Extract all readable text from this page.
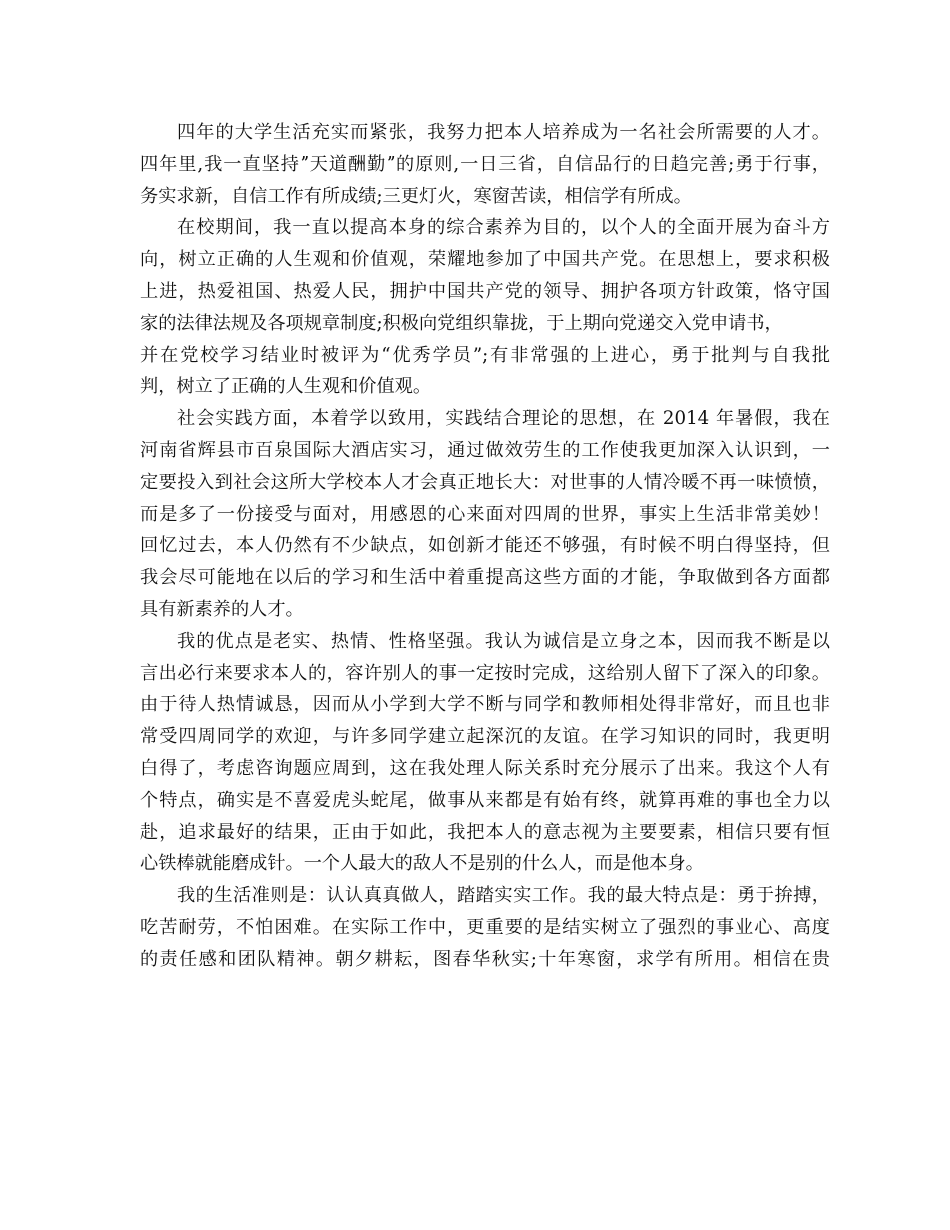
四年的大学生活充实而紧张，我努力把本人培养成为一名社会所需要的人才。
四年里,我一直坚持ˮ天道酬勤ˮ的原则,一日三省，自信品行的日趋完善;勇于行事，
务实求新，自信工作有所成绩;三更灯火，寒窗苦读，相信学有所成。
在校期间，我一直以提高本身的综合素养为目的，以个人的全面开展为奋斗方
向，树立正确的人生观和价值观，荣耀地参加了中国共产党。在思想上，要求积极
上进，热爱祖国、热爱人民，拥护中国共产党的领导、拥护各项方针政策，恪守国
家的法律法规及各项规章制度;积极向党组织靠拢，于上期向党递交入党申请书，
并在党校学习结业时被评为“优秀学员”;有非常强的上进心，勇于批判与自我批
判，树立了正确的人生观和价值观。
社会实践方面，本着学以致用，实践结合理论的思想，在 2014 年暑假，我在
河南省辉县市百泉国际大酒店实习，通过做效劳生的工作使我更加深入认识到，一
定要投入到社会这所大学校本人才会真正地长大：对世事的人情冷暖不再一味愤愤，
而是多了一份接受与面对，用感恩的心来面对四周的世界，事实上生活非常美妙！
回忆过去，本人仍然有不少缺点，如创新才能还不够强，有时候不明白得坚持，但
我会尽可能地在以后的学习和生活中着重提高这些方面的才能，争取做到各方面都
具有新素养的人才。
我的优点是老实、热情、性格坚强。我认为诚信是立身之本，因而我不断是以
言出必行来要求本人的，容许别人的事一定按时完成，这给别人留下了深入的印象。
由于待人热情诚恳，因而从小学到大学不断与同学和教师相处得非常好，而且也非
常受四周同学的欢迎，与许多同学建立起深沉的友谊。在学习知识的同时，我更明
白得了，考虑咨询题应周到，这在我处理人际关系时充分展示了出来。我这个人有
个特点，确实是不喜爱虎头蛇尾，做事从来都是有始有终，就算再难的事也全力以
赴，追求最好的结果，正由于如此，我把本人的意志视为主要要素，相信只要有恒
心铁棒就能磨成针。一个人最大的敌人不是别的什么人，而是他本身。
我的生活准则是：认认真真做人，踏踏实实工作。我的最大特点是：勇于拚搏，
吃苦耐劳，不怕困难。在实际工作中，更重要的是结实树立了强烈的事业心、高度
的责任感和团队精神。朝夕耕耘，图春华秋实;十年寒窗，求学有所用。相信在贵
